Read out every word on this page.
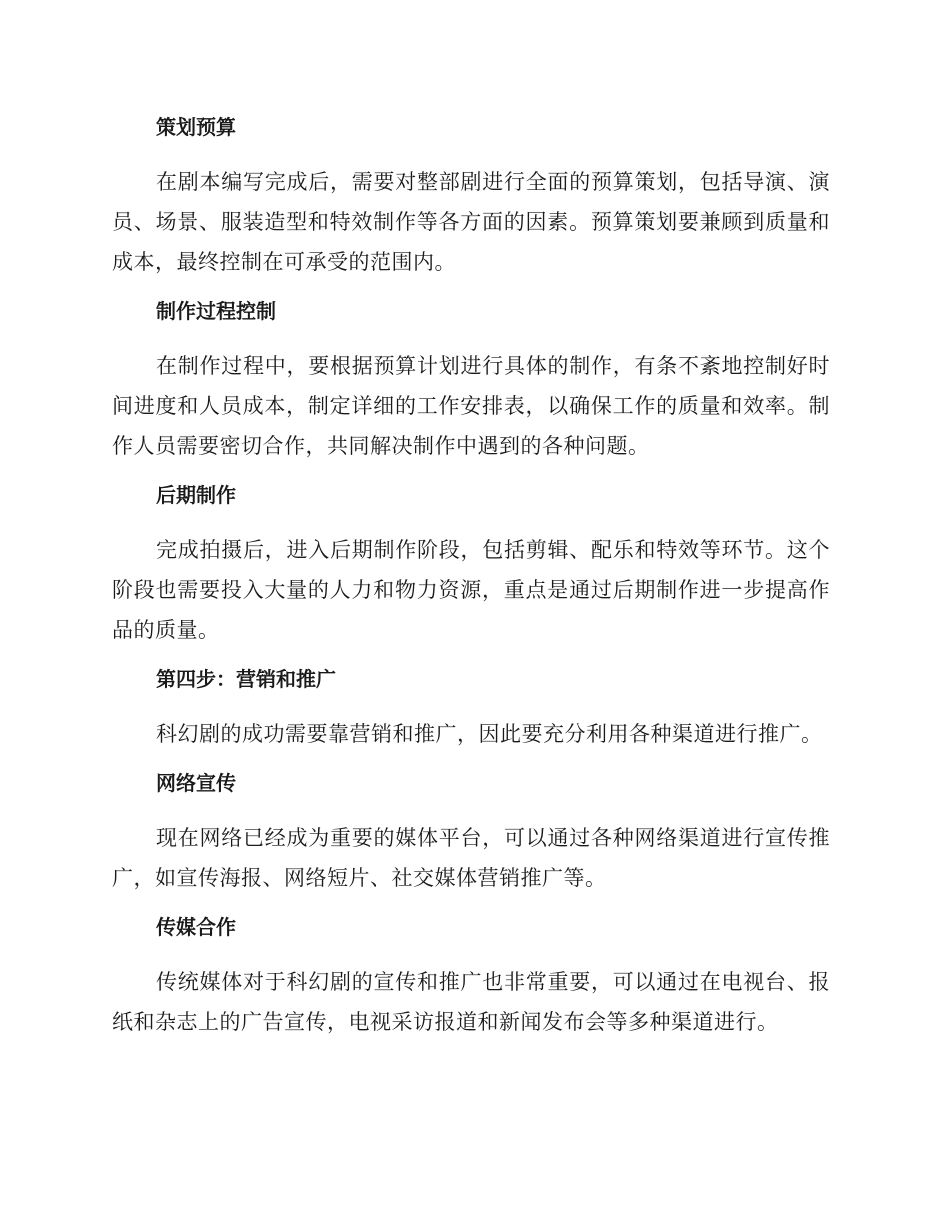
策划预算

在剧本编写完成后，需要对整部剧进行全面的预算策划，包括导演、演员、场景、服装造型和特效制作等各方面的因素。预算策划要兼顾到质量和成本，最终控制在可承受的范围内。

制作过程控制

在制作过程中，要根据预算计划进行具体的制作，有条不紊地控制好时间进度和人员成本，制定详细的工作安排表，以确保工作的质量和效率。制作人员需要密切合作，共同解决制作中遇到的各种问题。

后期制作

完成拍摄后，进入后期制作阶段，包括剪辑、配乐和特效等环节。这个阶段也需要投入大量的人力和物力资源，重点是通过后期制作进一步提高作品的质量。

第四步：营销和推广

科幻剧的成功需要靠营销和推广，因此要充分利用各种渠道进行推广。

网络宣传

现在网络已经成为重要的媒体平台，可以通过各种网络渠道进行宣传推广，如宣传海报、网络短片、社交媒体营销推广等。

传媒合作

传统媒体对于科幻剧的宣传和推广也非常重要，可以通过在电视台、报纸和杂志上的广告宣传，电视采访报道和新闻发布会等多种渠道进行。
